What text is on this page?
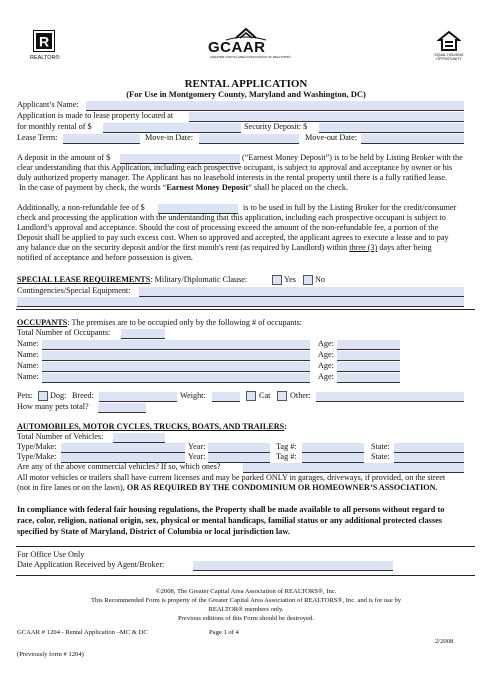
R
REALTOR®
GCAAR
GREATER CAPITAL AREA ASSOCIATION OF REALTORS®	EQUAL HOUSING OPPORTUNITY
RENTAL APPLICATION
(For Use in Montgomery County, Maryland and Washington, DC)
Applicant’s Name:
Application is made to lease property located at
for monthly rental of $	Security Deposit: $
Lease Term:	Move-in Date:	Move-out Date:
A deposit in the amount of $	(“Earnest Money Deposit”) is to be held by Listing Broker with the
clear understanding that this Application, including each prospective occupant, is subject to approval and acceptance by owner or his
duly authorized property manager. The Applicant has no leasehold interests in the rental property until there is a fully ratified lease.
In the case of payment by check, the words “Earnest Money Deposit” shall be placed on the check.
Additionally, a non-refundable fee of $	is to be used in full by the Listing Broker for the credit/consumer
check and processing the application with the understanding that this application, including each prospective occupant is subject to
Landlord’s approval and acceptance. Should the cost of processing exceed the amount of the non-refundable fee, a portion of the
Deposit shall be applied to pay such excess cost. When so approved and accepted, the applicant agrees to execute a lease and to pay
any balance due on the security deposit and/or the first month's rent (as required by Landlord) within three (3) days after being
notified of acceptance and before possession is given.
SPECIAL LEASE REQUIREMENTS: Military/Diplomatic Clause:	Yes No
Contingencies/Special Equipment:
OCCUPANTS: The premises are to be occupied only by the following # of occupants:
Total Number of Occupants:
Name:	Age:
Name:	Age:
Name:	Age:
Name:	Age:
Pets: Dog: Breed:	Weight:	Cat Other:
How many pets total?
AUTOMOBILES, MOTOR CYCLES, TRUCKS, BOATS, AND TRAILERS:
Total Number of Vehicles:
Type/Make:	Year:	Tag #:	State:
Type/Make:	Year:	Tag #:	State:
Are any of the above commercial vehicles? If so, which ones?
All motor vehicles or trailers shall have current licenses and may be parked ONLY in garages, driveways, if provided, on the street
(not in fire lanes or on the lawn), OR AS REQUIRED BY THE CONDOMINIUM OR HOMEOWNER’S ASSOCIATION.
In compliance with federal fair housing regulations, the Property shall be made available to all persons without regard to
race, color, religion, national origin, sex, physical or mental handicaps, familial status or any additional protected classes
specified by State of Maryland, District of Columbia or local jurisdiction law.
For Office Use Only
Date Application Received by Agent/Broker:
©2008, The Greater Capital Area Association of REALTORS®, Inc.
This Recommended Form is property of the Greater Capital Area Association of REALTORS®, Inc. and is for use by
REALTOR® members only.
Previous editions of this Form should be destroyed.
GCAAR # 1204 - Rental Application –MC & DC	Page 1 of 4
2/2008
(Previously form # 1204)
